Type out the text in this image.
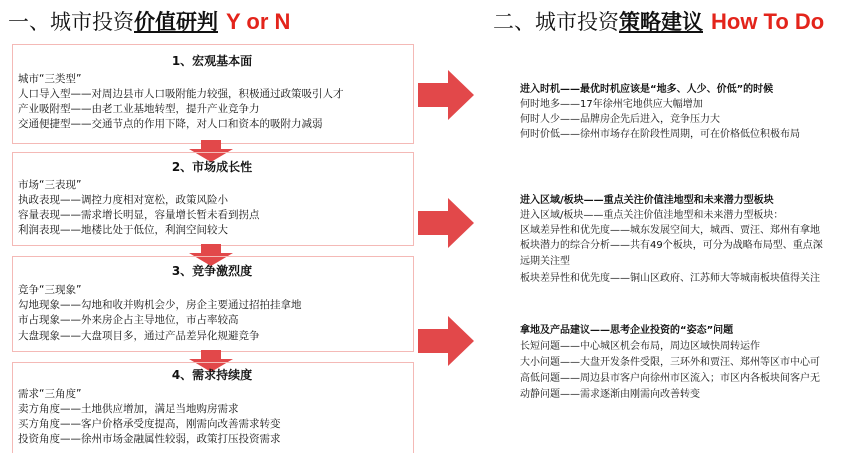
一、城市投资价值研判 Y or N	二、城市投资策略建议 How To Do
1、宏观基本面
城市“三类型”
人口导入型——对周边县市人口吸附能力较强，积极通过政策吸引人才
产业吸附型——由老工业基地转型，提升产业竞争力
交通便捷型——交通节点的作用下降，对人口和资本的吸附力减弱
2、市场成长性
市场“三表现”
执政表现——调控力度相对宽松，政策风险小
容量表现——需求增长明显，容量增长暂未看到拐点
利润表现——地楼比处于低位，利润空间较大
3、竞争激烈度
竞争“三现象”
勾地现象——勾地和收并购机会少，房企主要通过招拍挂拿地
市占现象——外来房企占主导地位，市占率较高
大盘现象——大盘项目多，通过产品差异化规避竞争
4、需求持续度
需求“三角度”
卖方角度——土地供应增加，满足当地购房需求
买方角度——客户价格承受度提高，刚需向改善需求转变
投资角度——徐州市场金融属性较弱，政策打压投资需求
进入时机——最优时机应该是“地多、人少、价低”的时候
何时地多——17年徐州宅地供应大幅增加
何时人少——品牌房企先后进入，竞争压力大
何时价低——徐州市场存在阶段性周期，可在价格低位积极布局
进入区域/板块——重点关注价值洼地型和未来潜力型板块
进入区域/板块——重点关注价值洼地型和未来潜力型板块：
区域差异性和优先度——城东发展空间大，城西、贾汪、郑州有拿地
板块潜力的综合分析——共有49个板块，可分为战略布局型、重点深
远期关注型
板块差异性和优先度——铜山区政府、江苏师大等城南板块值得关注
拿地及产品建议——思考企业投资的“姿态”问题
长短问题——中心城区机会布局，周边区域快周转运作
大小问题——大盘开发条件受限，三环外和贾汪、郑州等区市中心可
高低问题——周边县市客户向徐州市区流入；市区内各板块间客户无
动静问题——需求逐渐由刚需向改善转变
